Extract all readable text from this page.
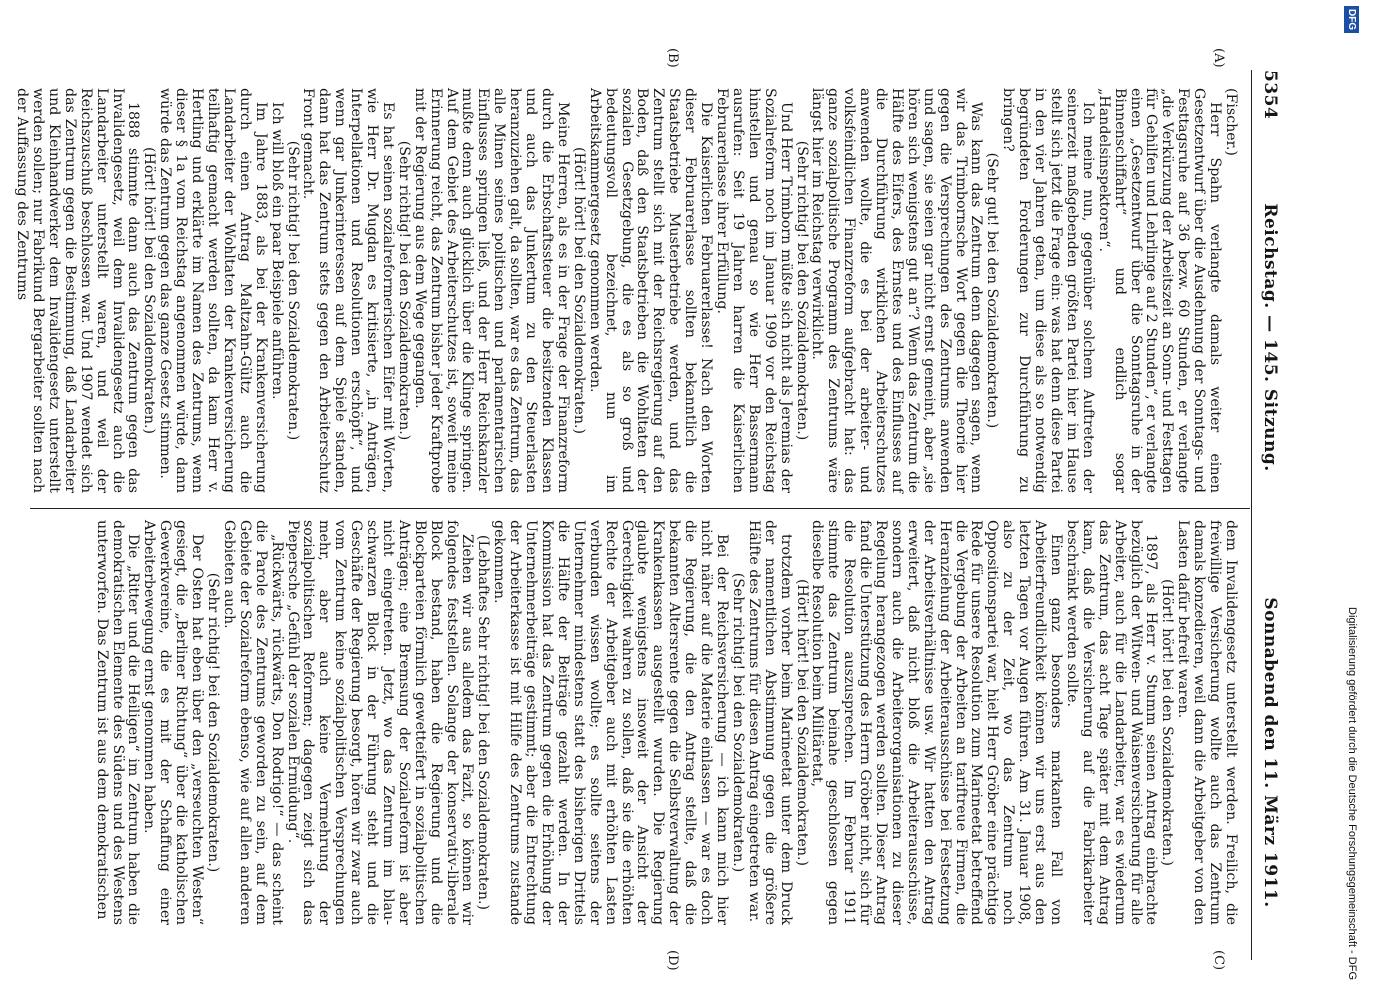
5354
Reichstag. — 145. Sitzung.
Sonnabend den 11. März 1911.
(A)
(B)
(C)
(D)

(Fischer.)

Herr Spahn verlangte damals weiter einen Gesetzentwurf über die Ausdehnung der Sonntags- und Festtagsruhe auf 36 bezw. 60 Stunden, er verlangte „die Verkürzung der Arbeitszeit an Sonn- und Festtagen für Gehilfen und Lehrlinge auf 2 Stunden“, er verlangte einen „Gesetzentwurf über die Sonntagsruhe in der Binnenschiffahrt“ und endlich sogar „Handelsinspektoren“.

Ich meine nun, gegenüber solchem Auftreten der seinerzeit maßgebenden größten Partei hier im Hause stellt sich jetzt die Frage ein: was hat denn diese Partei in den vier Jahren getan, um diese als so notwendig begründeten Forderungen zur Durchführung zu bringen?

(Sehr gut! bei den Sozialdemokraten.)

Was kann das Zentrum denn dagegen sagen, wenn wir das Trimbornsche Wort gegen die Theorie hier gegen die Versprechungen des Zentrums anwenden und sagen, sie seien gar nicht ernst gemeint, aber „sie hören sich wenigstens gut an“? Wenn das Zentrum die Hälfte des Eifers, des Ernstes und des Einflusses auf die Durchführung wirklichen Arbeiterschutzes anwenden wollte, die es bei der arbeiter- und volksfeindlichen Finanzreform aufgebracht hat: das ganze sozialpolitische Programm des Zentrums wäre längst hier im Reichstag verwirklicht.

(Sehr richtig! bei den Sozialdemokraten.)

Und Herr Trimborn müßte sich nicht als Jeremias der Sozialreform noch im Januar 1909 vor den Reichstag hinstellen und genau so wie Herr Bassermann ausrufen: Seit 19 Jahren harren die Kaiserlichen Februarerlasse ihrer Erfüllung.

Die Kaiserlichen Februarerlasse! Nach den Worten dieser Februarerlasse sollten bekanntlich die Staatsbetriebe Musterbetriebe werden, und das Zentrum stellt sich mit der Reichsregierung auf den Boden, daß den Staatsbetrieben die Wohltaten der sozialen Gesetzgebung, die es als so groß und bedeutungsvoll bezeichnet, nun im Arbeitskammergesetz genommen werden.

(Hört! hört! bei den Sozialdemokraten.)

Meine Herren, als es in der Frage der Finanzreform durch die Erbschaftssteuer die besitzenden Klassen und auch das Junkertum zu den Steuerlasten heranzuziehen galt, da sollten, war es das Zentrum, das alle Minen seines politischen und parlamentarischen Einflusses springen ließ, und der Herr Reichskanzler mußte denn auch glücklich über die Klinge springen. Auf dem Gebiet des Arbeiterschutzes ist, soweit meine Erinnerung reicht, das Zentrum bisher jeder Kraftprobe mit der Regierung aus dem Wege gegangen.

(Sehr richtig! bei den Sozialdemokraten.)

Es hat seinen sozialreformerischen Eifer mit Worten, wie Herr Dr. Mugdan es kritisierte, „in Anträgen, Interpellationen und Resolutionen erschöpft“, und wenn gar Junkerinteressen auf dem Spiele standen, dann hat das Zentrum stets gegen den Arbeiterschutz Front gemacht.

(Sehr richtig! bei den Sozialdemokraten.)

Ich will bloß ein paar Beispiele anführen.

Im Jahre 1883, als bei der Krankenversicherung durch einen Antrag Maltzahn-Gültz auch die Landarbeiter der Wohltaten der Krankenversicherung teilhaftig gemacht werden sollten, da kam Herr v. Hertling und erklärte im Namen des Zentrums, wenn dieser § 1a vom Reichstag angenommen würde, dann würde das Zentrum gegen das ganze Gesetz stimmen.

(Hört! hört! bei den Sozialdemokraten.)

1888 stimmte dann auch das Zentrum gegen das Invalidengesetz, weil dem Invalidengesetz auch die Landarbeiter unterstellt waren, und weil der Reichszuschuß beschlossen war. Und 1907 wendet sich das Zentrum gegen die Bestimmung, daß Landarbeiter und Kleinhandwerker dem Invalidengesetz unterstellt werden sollen; nur Fabrikund Bergarbeiter sollten nach der Auffassung des Zentrums

dem Invalidengesetz unterstellt werden. Freilich, die freiwillige Versicherung wollte auch das Zentrum damals konzedieren, weil dann die Arbeitgeber von den Lasten dafür befreit waren.

(Hört! hört! bei den Sozialdemokraten.)

1897, als Herr v. Stumm seinen Antrag einbrachte bezüglich der Witwen- und Waisenversicherung für alle Arbeiter, auch für die Landarbeiter, war es wiederum das Zentrum, das acht Tage später mit dem Antrag kam, daß die Versicherung auf die Fabrikarbeiter beschränkt werden sollte.

Einen ganz besonders markanten Fall von Arbeiterfreundlichkeit können wir uns erst aus den letzten Tagen vor Augen führen. Am 31. Januar 1908, also zu der Zeit, wo das Zentrum noch Oppositionspartei war, hielt Herr Gröber eine prächtige Rede für unsere Resolution zum Marineetat betreffend die Vergebung der Arbeiten an tariftreue Firmen, die Heranziehung der Arbeiterausschüsse bei Festsetzung der Arbeitsverhältnisse usw. Wir hatten den Antrag erweitert, daß nicht bloß die Arbeiterausschüsse, sondern auch die Arbeiterorganisationen zu dieser Regelung herangezogen werden sollten. Dieser Antrag fand die Unterstützung des Herrn Gröber nicht, sich für die Resolution auszusprechen. Im Februar 1911 stimmte das Zentrum beinahe geschlossen gegen dieselbe Resolution beim Militäretat,

(Hört! hört! bei den Sozialdemokraten.)

trotzdem vorher beim Marineetat unter dem Druck der namentlichen Abstimmung gegen die größere Hälfte des Zentrums für diesen Antrag eingetreten war.

(Sehr richtig! bei den Sozialdemokraten.)

Bei der Reichsversicherung — ich kann mich hier nicht näher auf die Materie einlassen — war es doch die Regierung, die den Antrag stellte, daß die bekannten Altersrente gegen die Selbstverwaltung der Krankenkassen ausgestellt wurden. Die Regierung glaubte wenigstens insoweit der Ansicht der Gerechtigkeit wahren zu sollen, daß sie die erhöhten Rechte der Arbeitgeber auch mit erhöhten Lasten verbunden wissen wollte; es sollte seitens der Unternehmer mindestens statt des bisherigen Drittels die Hälfte der Beiträge gezahlt werden. In der Kommission hat das Zentrum gegen die Erhöhung der Unternehmerbeiträge gestimmt; aber die Entrechtung der Arbeiterkasse ist mit Hilfe des Zentrums zustande gekommen.

(Lebhaftes Sehr richtig! bei den Sozialdemokraten.)

Ziehen wir aus alledem das Fazit, so können wir folgendes feststellen. Solange der konservativ-liberale Block bestand, haben die Regierung und die Blockparteien förmlich gewetteifert in sozialpolitischen Anträgen; eine Bremsung der Sozialreform ist aber nicht eingetreten. Jetzt, wo das Zentrum im blau-schwarzen Block in der Führung steht und die Geschäfte der Regierung besorgt, hören wir zwar auch vom Zentrum keine sozialpolitischen Versprechungen mehr, aber auch keine Vermehrung der sozialpolitischen Reformen; dagegen zeigt sich das Piepersche „Gefühl der sozialen Ermüdung“.

„Rückwärts, rückwärts, Don Rodrigo!“ — das scheint die Parole des Zentrums geworden zu sein, auf dem Gebiete der Sozialreform ebenso, wie auf allen anderen Gebieten auch.

(Sehr richtig! bei den Sozialdemokraten.)

Der Osten hat eben über den „verseuchten Westen“ gesiegt, die „Berliner Richtung“ über die katholischen Gewerkvereine, die es mit der Schaffung einer Arbeiterbewegung ernst genommen haben.

Die „Ritter und die Heiligen“ im Zentrum haben die demokratischen Elemente des Südens und des Westens unterworfen. Das Zentrum ist aus dem demokratischen

DFG
Digitalisierung gefördert durch die Deutsche Forschungsgemeinschaft - DFG
